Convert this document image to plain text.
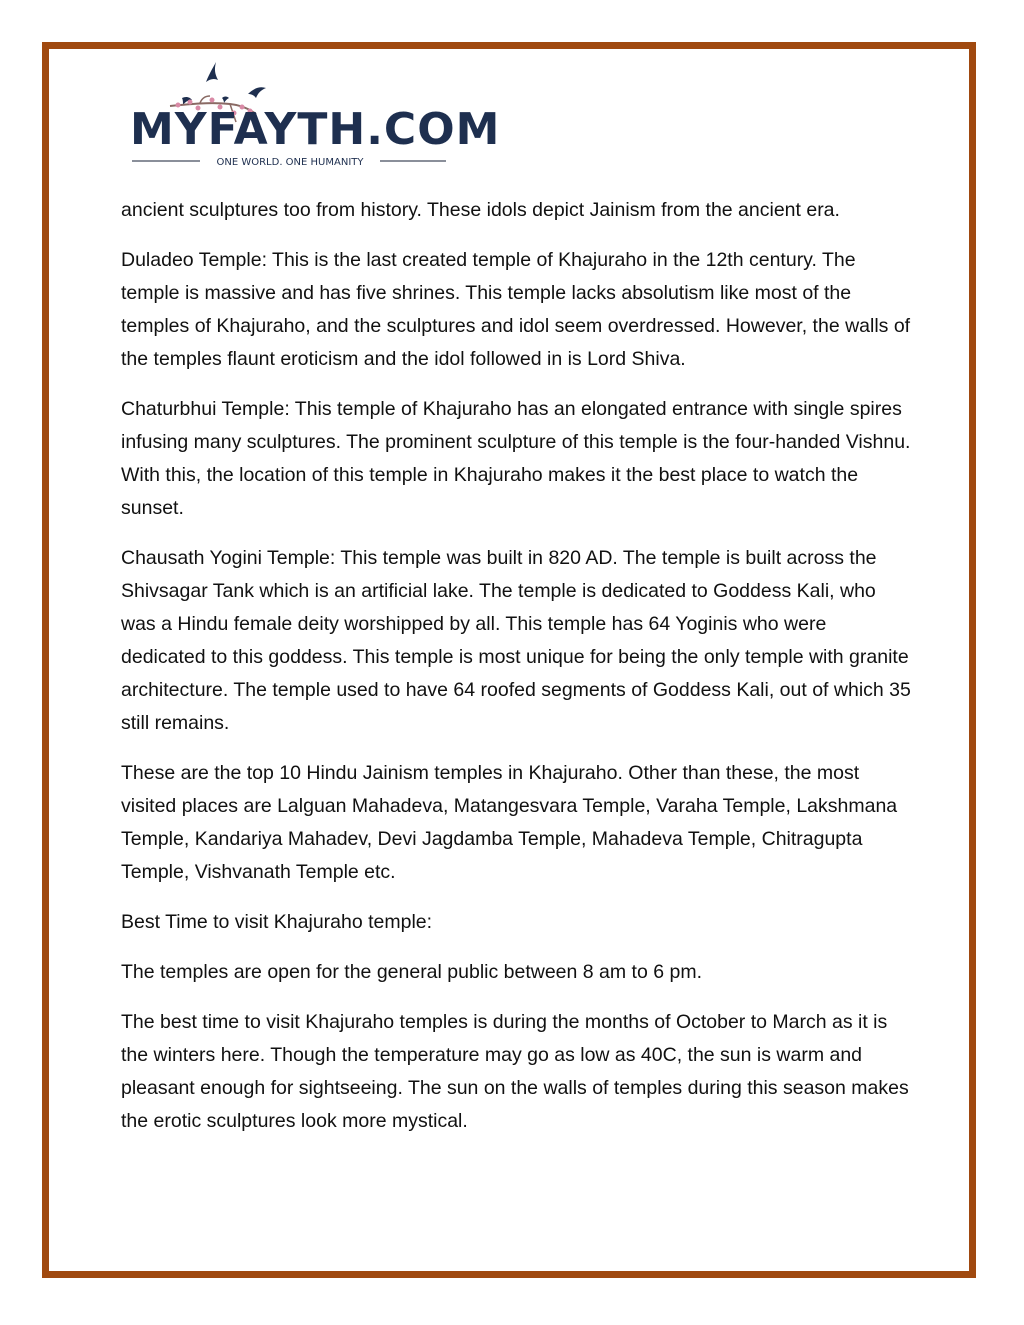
MYFAYTH.COM
ONE WORLD. ONE HUMANITY

ancient sculptures too from history. These idols depict Jainism from the ancient era.

Duladeo Temple: This is the last created temple of Khajuraho in the 12th century. The temple is massive and has five shrines. This temple lacks absolutism like most of the temples of Khajuraho, and the sculptures and idol seem overdressed. However, the walls of the temples flaunt eroticism and the idol followed in is Lord Shiva.

Chaturbhui Temple: This temple of Khajuraho has an elongated entrance with single spires infusing many sculptures. The prominent sculpture of this temple is the four-handed Vishnu. With this, the location of this temple in Khajuraho makes it the best place to watch the sunset.

Chausath Yogini Temple: This temple was built in 820 AD. The temple is built across the Shivsagar Tank which is an artificial lake. The temple is dedicated to Goddess Kali, who was a Hindu female deity worshipped by all. This temple has 64 Yoginis who were dedicated to this goddess. This temple is most unique for being the only temple with granite architecture. The temple used to have 64 roofed segments of Goddess Kali, out of which 35 still remains.

These are the top 10 Hindu Jainism temples in Khajuraho. Other than these, the most visited places are Lalguan Mahadeva, Matangesvara Temple, Varaha Temple, Lakshmana Temple, Kandariya Mahadev, Devi Jagdamba Temple, Mahadeva Temple, Chitragupta Temple, Vishvanath Temple etc.

Best Time to visit Khajuraho temple:

The temples are open for the general public between 8 am to 6 pm.

The best time to visit Khajuraho temples is during the months of October to March as it is the winters here. Though the temperature may go as low as 40C, the sun is warm and pleasant enough for sightseeing. The sun on the walls of temples during this season makes the erotic sculptures look more mystical.
